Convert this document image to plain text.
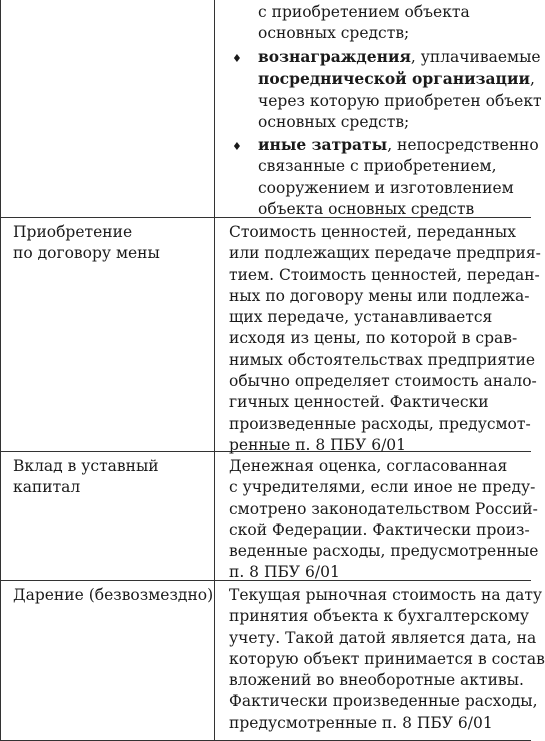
с приобретением объекта
основных средств;
♦ вознаграждения, уплачиваемые
посреднической организации,
через которую приобретен объект
основных средств;
♦ иные затраты, непосредственно
связанные с приобретением,
сооружением и изготовлением
объекта основных средств
Приобретение
по договору мены
Стоимость ценностей, переданных
или подлежащих передаче предприя-
тием. Стоимость ценностей, передан-
ных по договору мены или подлежа-
щих передаче, устанавливается
исходя из цены, по которой в срав-
нимых обстоятельствах предприятие
обычно определяет стоимость анало-
гичных ценностей. Фактически
произведенные расходы, предусмот-
ренные п. 8 ПБУ 6/01
Вклад в уставный
капитал
Денежная оценка, согласованная
с учредителями, если иное не преду-
смотрено законодательством Россий-
ской Федерации. Фактически произ-
веденные расходы, предусмотренные
п. 8 ПБУ 6/01
Дарение (безвозмездно) Текущая рыночная стоимость на дату
принятия объекта к бухгалтерскому
учету. Такой датой является дата, на
которую объект принимается в состав
вложений во внеоборотные активы.
Фактически произведенные расходы,
предусмотренные п. 8 ПБУ 6/01
